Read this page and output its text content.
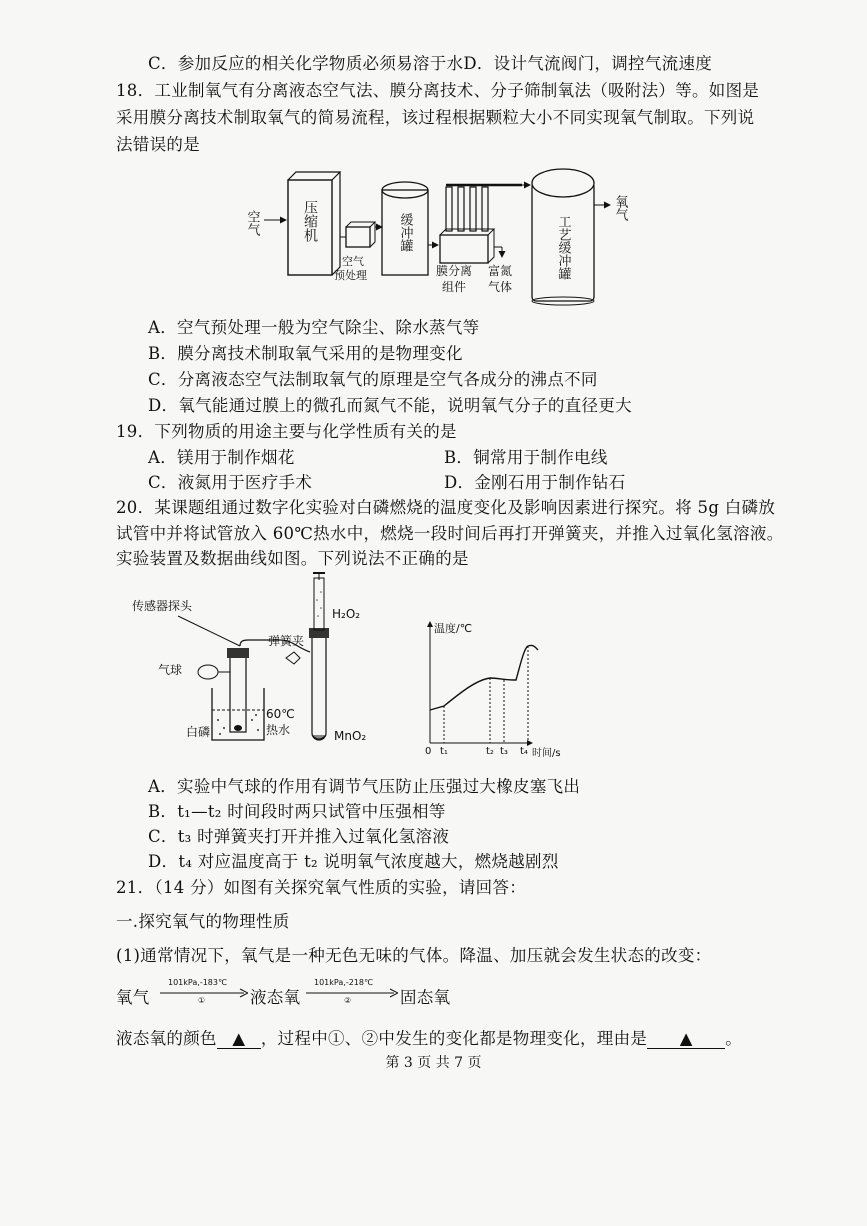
C．参加反应的相关化学物质必须易溶于水D．设计气流阀门，调控气流速度
18．工业制氧气有分离液态空气法、膜分离技术、分子筛制氧法（吸附法）等。如图是
采用膜分离技术制取氧气的简易流程，该过程根据颗粒大小不同实现氧气制取。下列说
法错误的是
空气	压缩机
空气
预处理
缓冲罐
膜分离
组件
富氮
气体
工艺缓冲罐
氧气
A．空气预处理一般为空气除尘、除水蒸气等
B．膜分离技术制取氧气采用的是物理变化
C．分离液态空气法制取氧气的原理是空气各成分的沸点不同
D．氧气能通过膜上的微孔而氮气不能，说明氧气分子的直径更大
19．下列物质的用途主要与化学性质有关的是
A．镁用于制作烟花	B．铜常用于制作电线
C．液氮用于医疗手术	D．金刚石用于制作钻石
20．某课题组通过数字化实验对白磷燃烧的温度变化及影响因素进行探究。将 5g 白磷放
试管中并将试管放入 60℃热水中，燃烧一段时间后再打开弹簧夹，并推入过氧化氢溶液。
实验装置及数据曲线如图。下列说法不正确的是
传感器探头
气球
60℃
热水
白磷
弹簧夹
H₂O₂
MnO₂
温度/℃
时间/s
0 t₁	t₂ t₃ t₄
A．实验中气球的作用有调节气压防止压强过大橡皮塞飞出
B．t₁—t₂ 时间段时两只试管中压强相等
C．t₃ 时弹簧夹打开并推入过氧化氢溶液
D．t₄ 对应温度高于 t₂ 说明氧气浓度越大，燃烧越剧烈
21．（14 分）如图有关探究氧气性质的实验，请回答：
一.探究氧气的物理性质
(1)通常情况下，氧气是一种无色无味的气体。降温、加压就会发生状态的改变：
氧气
101kPa,-183℃
①	液态氧
101kPa,-218℃
②	固态氧
液态氧的颜色 ▲ ，过程中①、②中发生的变化都是物理变化，理由是 ▲ 。
第 3 页 共 7 页
